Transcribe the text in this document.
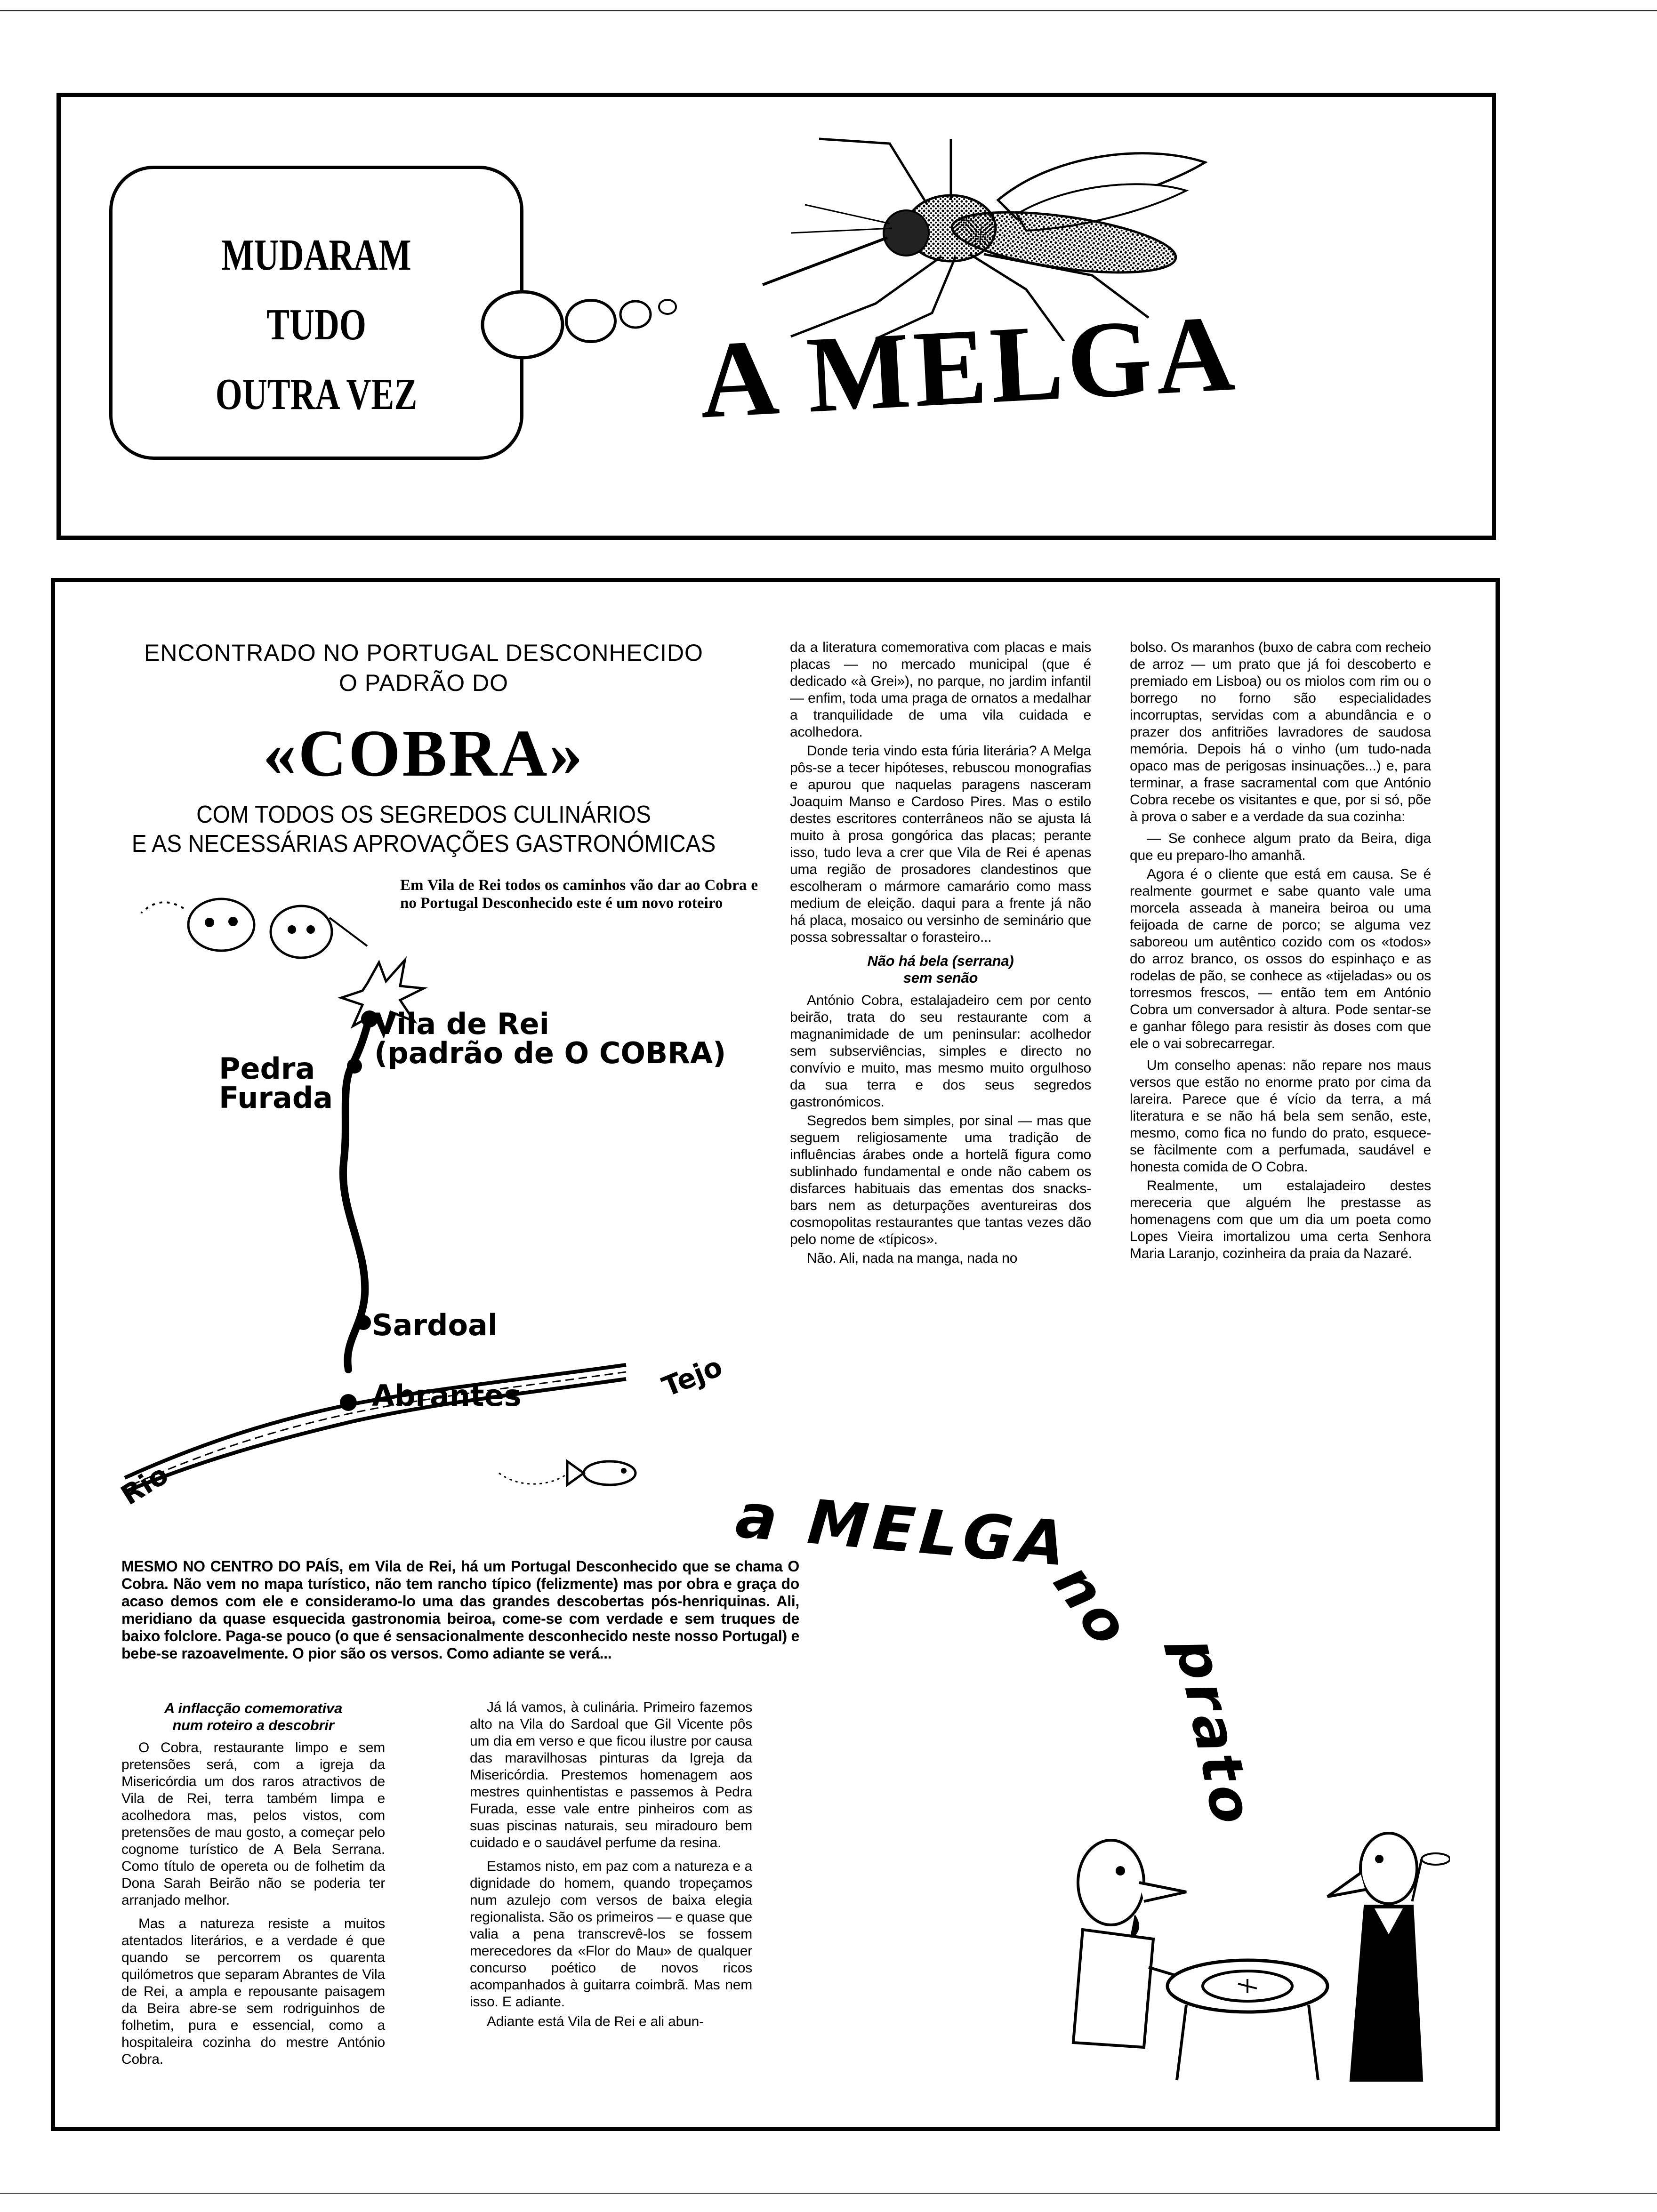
MUDARAM
TUDO
OUTRA VEZ	A MELGA
ENCONTRADO NO PORTUGAL DESCONHECIDO
O PADRÃO DO
«COBRA»
COM TODOS OS SEGREDOS CULINÁRIOS
E AS NECESSÁRIAS APROVAÇÕES GASTRONÓMICAS
Em Vila de Rei todos os caminhos vão dar ao Cobra e no Portugal Desconhecido este é um novo roteiro
Vila de Rei
(padrão de O COBRA)
Pedra
Furada
Sardoal
Abrantes	Tejo
Rio
MESMO NO CENTRO DO PAÍS, em Vila de Rei, há um Portugal Desconhecido que se chama O Cobra. Não vem no mapa turístico, não tem rancho típico (felizmente) mas por obra e graça do acaso demos com ele e consideramo-lo uma das grandes descobertas pós-henriquinas. Ali, meridiano da quase esquecida gastronomia beiroa, come-se com verdade e sem truques de baixo folclore. Paga-se pouco (o que é sensacionalmente desconhecido neste nosso Portugal) e bebe-se razoavelmente. O pior são os versos. Como adiante se verá...
A inflacção comemorativa
num roteiro a descobrir

O Cobra, restaurante limpo e sem pretensões será, com a igreja da Misericórdia um dos raros atractivos de Vila de Rei, terra também limpa e acolhedora mas, pelos vistos, com pretensões de mau gosto, a começar pelo cognome turístico de A Bela Serrana. Como título de opereta ou de folhetim da Dona Sarah Beirão não se poderia ter arranjado melhor.

Mas a natureza resiste a muitos atentados literários, e a verdade é que quando se percorrem os quarenta quilómetros que separam Abrantes de Vila de Rei, a ampla e repousante paisagem da Beira abre-se sem rodriguinhos de folhetim, pura e essencial, como a hospitaleira cozinha do mestre António Cobra.

Já lá vamos, à culinária. Primeiro fazemos alto na Vila do Sardoal que Gil Vicente pôs um dia em verso e que ficou ilustre por causa das maravilhosas pinturas da Igreja da Misericórdia. Prestemos homenagem aos mestres quinhentistas e passemos à Pedra Furada, esse vale entre pinheiros com as suas piscinas naturais, seu miradouro bem cuidado e o saudável perfume da resina.

Estamos nisto, em paz com a natureza e a dignidade do homem, quando tropeçamos num azulejo com versos de baixa elegia regionalista. São os primeiros — e quase que valia a pena transcrevê-los se fossem merecedores da «Flor do Mau» de qualquer concurso poético de novos ricos acompanhados à guitarra coimbrã. Mas nem isso. E adiante.

Adiante está Vila de Rei e ali abun-

da a literatura comemorativa com placas e mais placas — no mercado municipal (que é dedicado «à Grei»), no parque, no jardim infantil — enfim, toda uma praga de ornatos a medalhar a tranquilidade de uma vila cuidada e acolhedora.

Donde teria vindo esta fúria literária? A Melga pôs-se a tecer hipóteses, rebuscou monografias e apurou que naquelas paragens nasceram Joaquim Manso e Cardoso Pires. Mas o estilo destes escritores conterrâneos não se ajusta lá muito à prosa gongórica das placas; perante isso, tudo leva a crer que Vila de Rei é apenas uma região de prosadores clandestinos que escolheram o mármore camarário como mass medium de eleição. daqui para a frente já não há placa, mosaico ou versinho de seminário que possa sobressaltar o forasteiro...

Não há bela (serrana)
sem senão

António Cobra, estalajadeiro cem por cento beirão, trata do seu restaurante com a magnanimidade de um peninsular: acolhedor sem subserviências, simples e directo no convívio e muito, mas mesmo muito orgulhoso da sua terra e dos seus segredos gastronómicos.

Segredos bem simples, por sinal — mas que seguem religiosamente uma tradição de influências árabes onde a hortelã figura como sublinhado fundamental e onde não cabem os disfarces habituais das ementas dos snacks-bars nem as deturpações aventureiras dos cosmopolitas restaurantes que tantas vezes dão pelo nome de «típicos».

Não. Ali, nada na manga, nada no

bolso. Os maranhos (buxo de cabra com recheio de arroz — um prato que já foi descoberto e premiado em Lisboa) ou os miolos com rim ou o borrego no forno são especialidades incorruptas, servidas com a abundância e o prazer dos anfitriões lavradores de saudosa memória. Depois há o vinho (um tudo-nada opaco mas de perigosas insinuações...) e, para terminar, a frase sacramental com que António Cobra recebe os visitantes e que, por si só, põe à prova o saber e a verdade da sua cozinha:

— Se conhece algum prato da Beira, diga que eu preparo-lho amanhã.

Agora é o cliente que está em causa. Se é realmente gourmet e sabe quanto vale uma morcela asseada à maneira beiroa ou uma feijoada de carne de porco; se alguma vez saboreou um autêntico cozido com os «todos» do arroz branco, os ossos do espinhaço e as rodelas de pão, se conhece as «tijeladas» ou os torresmos frescos, — então tem em António Cobra um conversador à altura. Pode sentar-se e ganhar fôlego para resistir às doses com que ele o vai sobrecarregar.

Um conselho apenas: não repare nos maus versos que estão no enorme prato por cima da lareira. Parece que é vício da terra, a má literatura e se não há bela sem senão, este, mesmo, como fica no fundo do prato, esquece-se fàcilmente com a perfumada, saudável e honesta comida de O Cobra.

Realmente, um estalajadeiro destes mereceria que alguém lhe prestasse as homenagens com que um dia um poeta como Lopes Vieira imortalizou uma certa Senhora Maria Laranjo, cozinheira da praia da Nazaré.

a MELGA
no
prato
